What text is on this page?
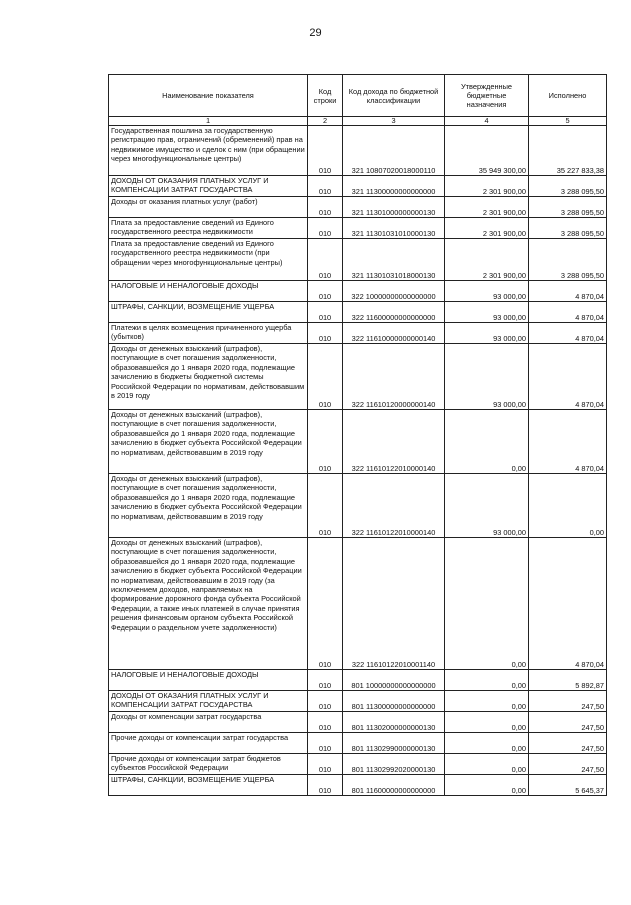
29
Наименование показателя	Код строки	Код дохода по бюджетной классификации	Утвержденные бюджетные назначения	Исполнено
1	2	3	4	5
Государственная пошлина за государственную регистрацию прав, ограничений (обременений) прав на недвижимое имущество и сделок с ним (при обращении через многофункциональные центры)	010	321 10807020018000110	35 949 300,00	35 227 833,38
ДОХОДЫ ОТ ОКАЗАНИЯ ПЛАТНЫХ УСЛУГ И КОМПЕНСАЦИИ ЗАТРАТ ГОСУДАРСТВА	010	321 11300000000000000	2 301 900,00	3 288 095,50
Доходы от оказания платных услуг (работ)	010	321 11301000000000130	2 301 900,00	3 288 095,50
Плата за предоставление сведений из Единого государственного реестра недвижимости	010	321 11301031010000130	2 301 900,00	3 288 095,50
Плата за предоставление сведений из Единого государственного реестра недвижимости (при обращении через многофункциональные центры)	010	321 11301031018000130	2 301 900,00	3 288 095,50
НАЛОГОВЫЕ И НЕНАЛОГОВЫЕ ДОХОДЫ	010	322 10000000000000000	93 000,00	4 870,04
ШТРАФЫ, САНКЦИИ, ВОЗМЕЩЕНИЕ УЩЕРБА	010	322 11600000000000000	93 000,00	4 870,04
Платежи в целях возмещения причиненного ущерба (убытков)	010	322 11610000000000140	93 000,00	4 870,04
Доходы от денежных взысканий (штрафов), поступающие в счет погашения задолженности, образовавшейся до 1 января 2020 года, подлежащие зачислению в бюджеты бюджетной системы Российской Федерации по нормативам, действовавшим в 2019 году	010	322 11610120000000140	93 000,00	4 870,04
Доходы от денежных взысканий (штрафов), поступающие в счет погашения задолженности, образовавшейся до 1 января 2020 года, подлежащие зачислению в бюджет субъекта Российской Федерации по нормативам, действовавшим в 2019 году	010	322 11610122010000140	0,00	4 870,04
Доходы от денежных взысканий (штрафов), поступающие в счет погашения задолженности, образовавшейся до 1 января 2020 года, подлежащие зачислению в бюджет субъекта Российской Федерации по нормативам, действовавшим в 2019 году	010	322 11610122010000140	93 000,00	0,00
Доходы от денежных взысканий (штрафов), поступающие в счет погашения задолженности, образовавшейся до 1 января 2020 года, подлежащие зачислению в бюджет субъекта Российской Федерации по нормативам, действовавшим в 2019 году (за исключением доходов, направляемых на формирование дорожного фонда субъекта Российской Федерации, а также иных платежей в случае принятия решения финансовым органом субъекта Российской Федерации о раздельном учете задолженности)	010	322 11610122010001140	0,00	4 870,04
НАЛОГОВЫЕ И НЕНАЛОГОВЫЕ ДОХОДЫ	010	801 10000000000000000	0,00	5 892,87
ДОХОДЫ ОТ ОКАЗАНИЯ ПЛАТНЫХ УСЛУГ И КОМПЕНСАЦИИ ЗАТРАТ ГОСУДАРСТВА	010	801 11300000000000000	0,00	247,50
Доходы от компенсации затрат государства	010	801 11302000000000130	0,00	247,50
Прочие доходы от компенсации затрат государства	010	801 11302990000000130	0,00	247,50
Прочие доходы от компенсации затрат бюджетов субъектов Российской Федерации	010	801 11302992020000130	0,00	247,50
ШТРАФЫ, САНКЦИИ, ВОЗМЕЩЕНИЕ УЩЕРБА	010	801 11600000000000000	0,00	5 645,37
